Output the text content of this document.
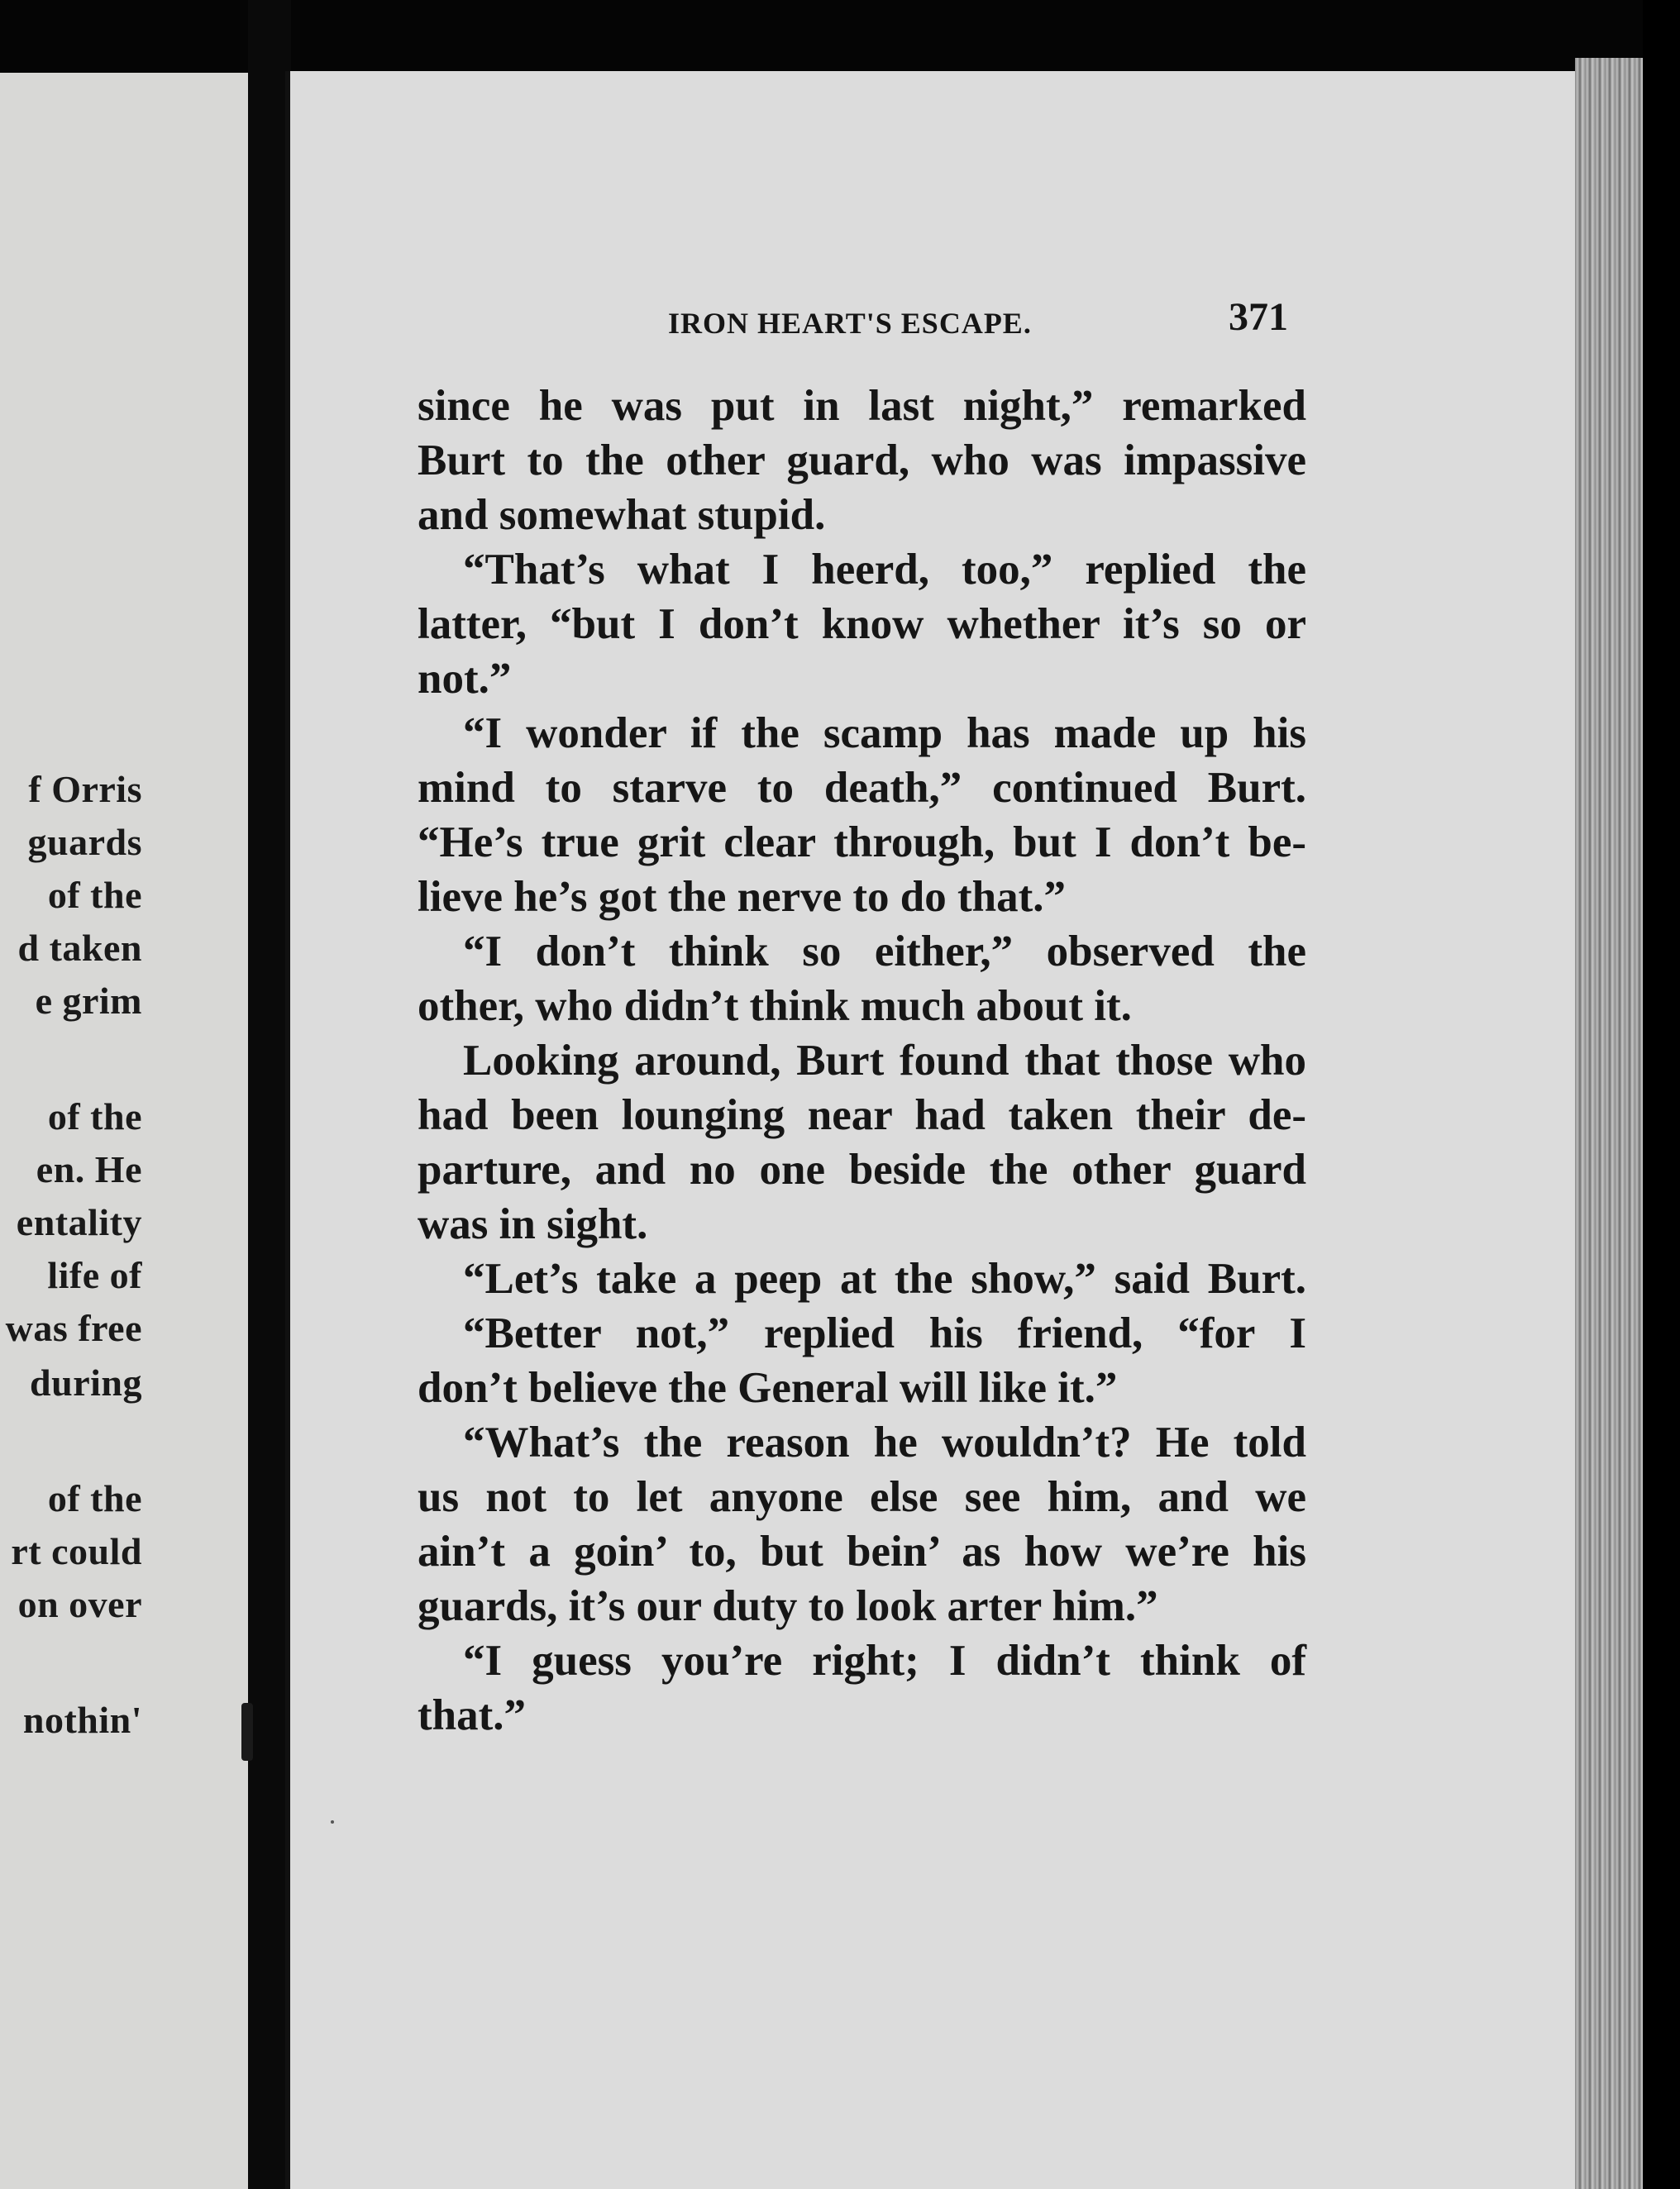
f Orris
guards
of the
d taken
e grim
of the
en. He
entality
life of
was free
during
of the
rt could
on over
nothin'
IRON HEART'S ESCAPE.	371
since he was put in last night,” remarked
Burt to the other guard, who was impassive
and somewhat stupid.
“That’s what I heerd, too,” replied the
latter, “but I don’t know whether it’s so or
not.”
“I wonder if the scamp has made up his
mind to starve to death,” continued Burt.
“He’s true grit clear through, but I don’t be-
lieve he’s got the nerve to do that.”
“I don’t think so either,” observed the
other, who didn’t think much about it.
Looking around, Burt found that those who
had been lounging near had taken their de-
parture, and no one beside the other guard
was in sight.
“Let’s take a peep at the show,” said Burt.
“Better not,” replied his friend, “for I
don’t believe the General will like it.”
“What’s the reason he wouldn’t? He told
us not to let anyone else see him, and we
ain’t a goin’ to, but bein’ as how we’re his
guards, it’s our duty to look arter him.”
“I guess you’re right; I didn’t think of
that.”
